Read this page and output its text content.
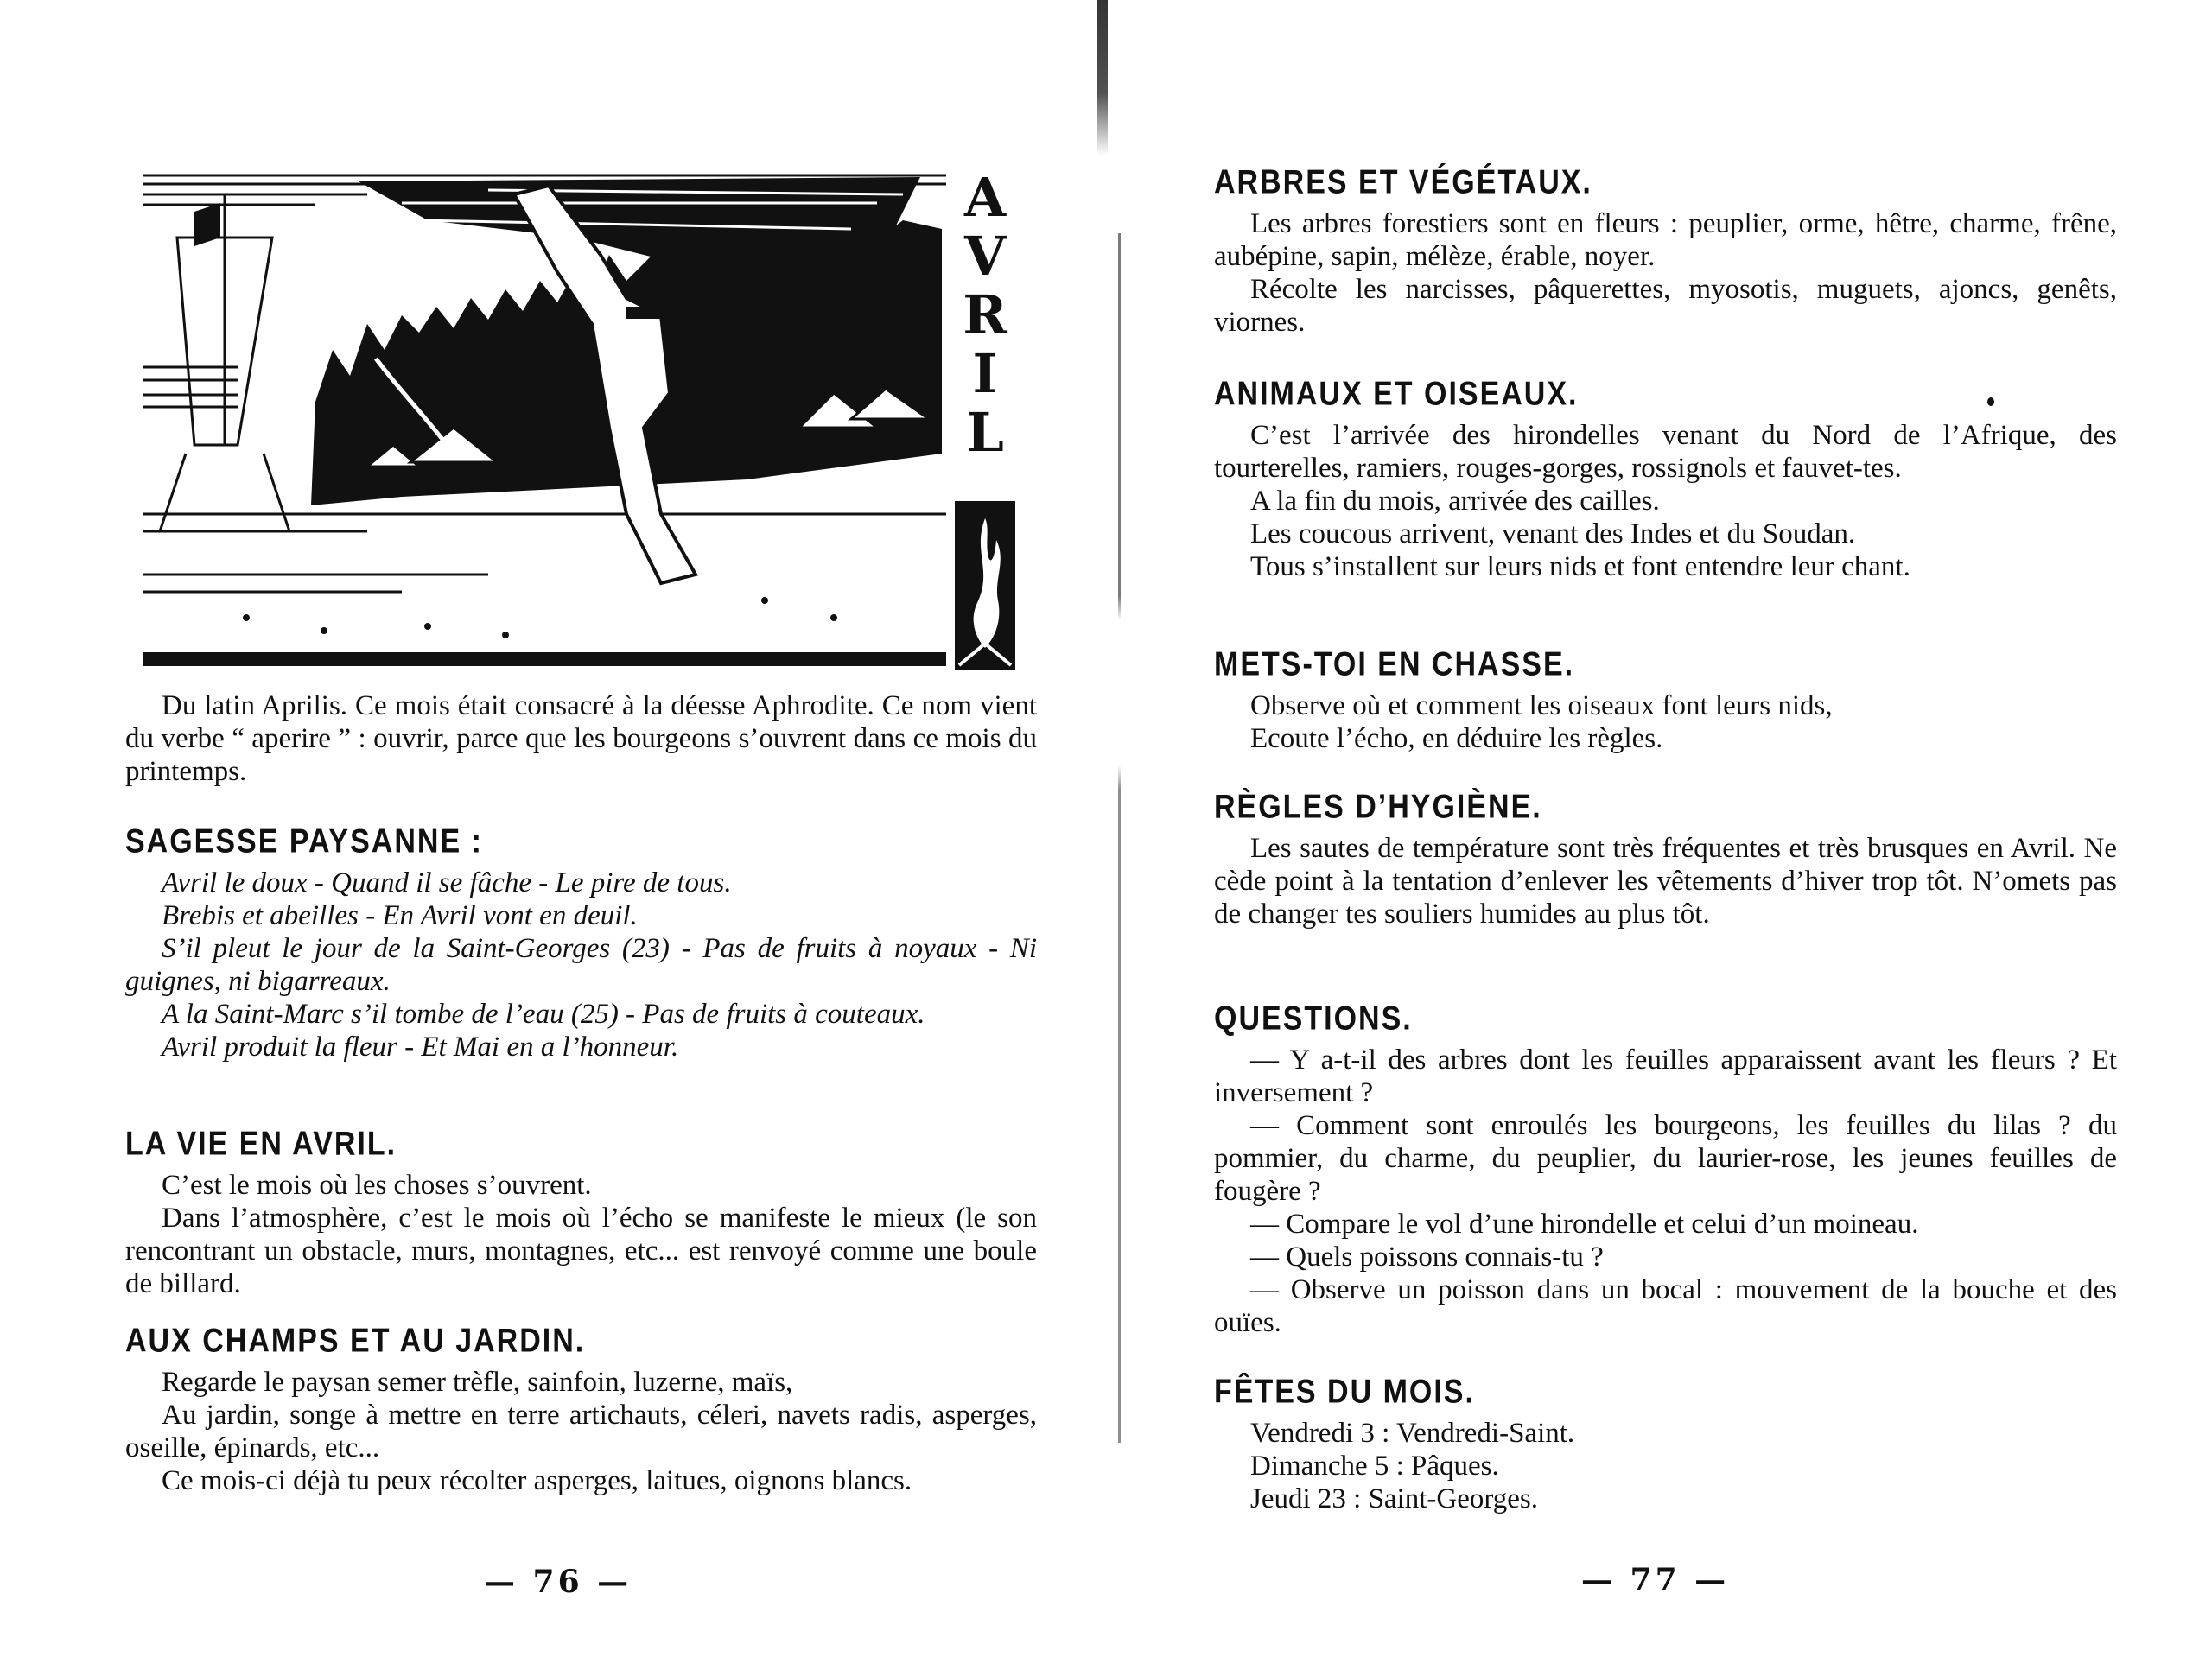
A
V
R
I
L

Du latin Aprilis. Ce mois était consacré à la déesse Aphrodite. Ce nom vient du verbe “ aperire ” : ouvrir, parce que les bourgeons s’ouvrent dans ce mois du printemps.

SAGESSE PAYSANNE :

Avril le doux - Quand il se fâche - Le pire de tous.

Brebis et abeilles - En Avril vont en deuil.

S’il pleut le jour de la Saint-Georges (23) - Pas de fruits à noyaux - Ni guignes, ni bigarreaux.

A la Saint-Marc s’il tombe de l’eau (25) - Pas de fruits à couteaux.

Avril produit la fleur - Et Mai en a l’honneur.

LA VIE EN AVRIL.

C’est le mois où les choses s’ouvrent.

Dans l’atmosphère, c’est le mois où l’écho se manifeste le mieux (le son rencontrant un obstacle, murs, montagnes, etc... est renvoyé comme une boule de billard.

AUX CHAMPS ET AU JARDIN.

Regarde le paysan semer trèfle, sainfoin, luzerne, maïs,

Au jardin, songe à mettre en terre artichauts, céleri, navets radis, asperges, oseille, épinards, etc...

Ce mois-ci déjà tu peux récolter asperges, laitues, oignons blancs.

— 76 —
ARBRES ET VÉGÉTAUX.

Les arbres forestiers sont en fleurs : peuplier, orme, hêtre, charme, frêne, aubépine, sapin, mélèze, érable, noyer.

Récolte les narcisses, pâquerettes, myosotis, muguets, ajoncs, genêts, viornes.

ANIMAUX ET OISEAUX.

C’est l’arrivée des hirondelles venant du Nord de l’Afrique, des tourterelles, ramiers, rouges-gorges, rossignols et fauvet-tes.

A la fin du mois, arrivée des cailles.

Les coucous arrivent, venant des Indes et du Soudan.

Tous s’installent sur leurs nids et font entendre leur chant.

METS-TOI EN CHASSE.

Observe où et comment les oiseaux font leurs nids,

Ecoute l’écho, en déduire les règles.

RÈGLES D’HYGIÈNE.

Les sautes de température sont très fréquentes et très brusques en Avril. Ne cède point à la tentation d’enlever les vêtements d’hiver trop tôt. N’omets pas de changer tes souliers humides au plus tôt.

QUESTIONS.

— Y a-t-il des arbres dont les feuilles apparaissent avant les fleurs ? Et inversement ?

— Comment sont enroulés les bourgeons, les feuilles du lilas ? du pommier, du charme, du peuplier, du laurier-rose, les jeunes feuilles de fougère ?

— Compare le vol d’une hirondelle et celui d’un moineau.

— Quels poissons connais-tu ?

— Observe un poisson dans un bocal : mouvement de la bouche et des ouïes.

FÊTES DU MOIS.

Vendredi 3 : Vendredi-Saint.

Dimanche 5 : Pâques.

Jeudi 23 : Saint-Georges.

— 77 —
